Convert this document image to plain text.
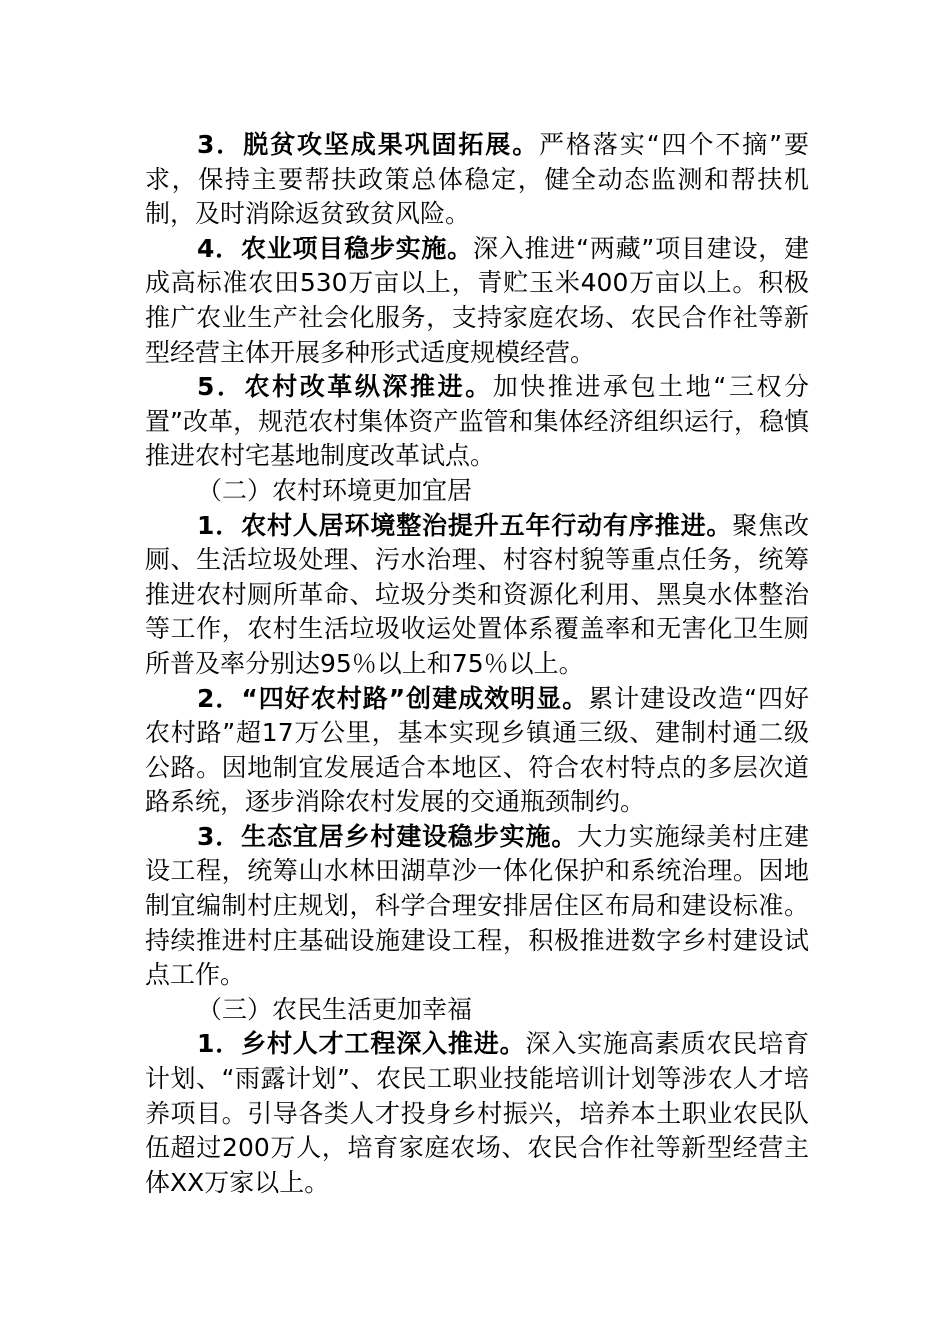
3．脱贫攻坚成果巩固拓展。严格落实“四个不摘”要求，保持主要帮扶政策总体稳定，健全动态监测和帮扶机制，及时消除返贫致贫风险。

4．农业项目稳步实施。深入推进“两藏”项目建设，建成高标准农田530万亩以上，青贮玉米400万亩以上。积极推广农业生产社会化服务，支持家庭农场、农民合作社等新型经营主体开展多种形式适度规模经营。

5．农村改革纵深推进。加快推进承包土地“三权分置”改革，规范农村集体资产监管和集体经济组织运行，稳慎推进农村宅基地制度改革试点。

（二）农村环境更加宜居

1．农村人居环境整治提升五年行动有序推进。聚焦改厕、生活垃圾处理、污水治理、村容村貌等重点任务，统筹推进农村厕所革命、垃圾分类和资源化利用、黑臭水体整治等工作，农村生活垃圾收运处置体系覆盖率和无害化卫生厕所普及率分别达95％以上和75％以上。

2．“四好农村路”创建成效明显。累计建设改造“四好农村路”超17万公里，基本实现乡镇通三级、建制村通二级公路。因地制宜发展适合本地区、符合农村特点的多层次道路系统，逐步消除农村发展的交通瓶颈制约。

3．生态宜居乡村建设稳步实施。大力实施绿美村庄建设工程，统筹山水林田湖草沙一体化保护和系统治理。因地制宜编制村庄规划，科学合理安排居住区布局和建设标准。持续推进村庄基础设施建设工程，积极推进数字乡村建设试点工作。

（三）农民生活更加幸福

1．乡村人才工程深入推进。深入实施高素质农民培育计划、“雨露计划”、农民工职业技能培训计划等涉农人才培养项目。引导各类人才投身乡村振兴，培养本土职业农民队伍超过200万人，培育家庭农场、农民合作社等新型经营主体XX万家以上。
